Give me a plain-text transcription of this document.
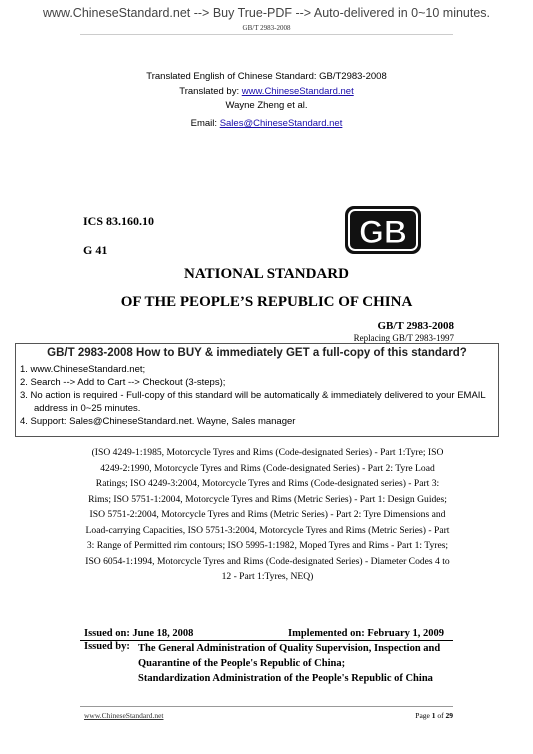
www.ChineseStandard.net --> Buy True-PDF --> Auto-delivered in 0~10 minutes.
GB/T 2983-2008
Translated English of Chinese Standard: GB/T2983-2008
Translated by: www.ChineseStandard.net
Wayne Zheng et al.
Email: Sales@ChineseStandard.net
ICS 83.160.10
G 41	GB
NATIONAL STANDARD
OF THE PEOPLE’S REPUBLIC OF CHINA
GB/T 2983-2008
Replacing GB/T 2983-1997
GB/T 2983-2008 How to BUY & immediately GET a full-copy of this standard?
1. www.ChineseStandard.net;
2. Search --> Add to Cart --> Checkout (3-steps);
3. No action is required - Full-copy of this standard will be automatically & immediately delivered to your EMAIL address in 0~25 minutes.
4. Support: Sales@ChineseStandard.net. Wayne, Sales manager
(ISO 4249-1:1985, Motorcycle Tyres and Rims (Code-designated Series) - Part 1:Tyre; ISO 4249-2:1990, Motorcycle Tyres and Rims (Code-designated Series) - Part 2: Tyre Load Ratings; ISO 4249-3:2004, Motorcycle Tyres and Rims (Code-designated series) - Part 3: Rims; ISO 5751-1:2004, Motorcycle Tyres and Rims (Metric Series) - Part 1: Design Guides; ISO 5751-2:2004, Motorcycle Tyres and Rims (Metric Series) - Part 2: Tyre Dimensions and Load-carrying Capacities, ISO 5751-3:2004, Motorcycle Tyres and Rims (Metric Series) - Part 3: Range of Permitted rim contours; ISO 5995-1:1982, Moped Tyres and Rims - Part 1: Tyres; ISO 6054-1:1994, Motorcycle Tyres and Rims (Code-designated Series) - Diameter Codes 4 to 12 - Part 1:Tyres, NEQ)
Issued on: June 18, 2008	Implemented on: February 1, 2009
Issued by: The General Administration of Quality Supervision, Inspection and
Quarantine of the People's Republic of China;
Standardization Administration of the People's Republic of China
www.ChineseStandard.net	Page 1 of 29
